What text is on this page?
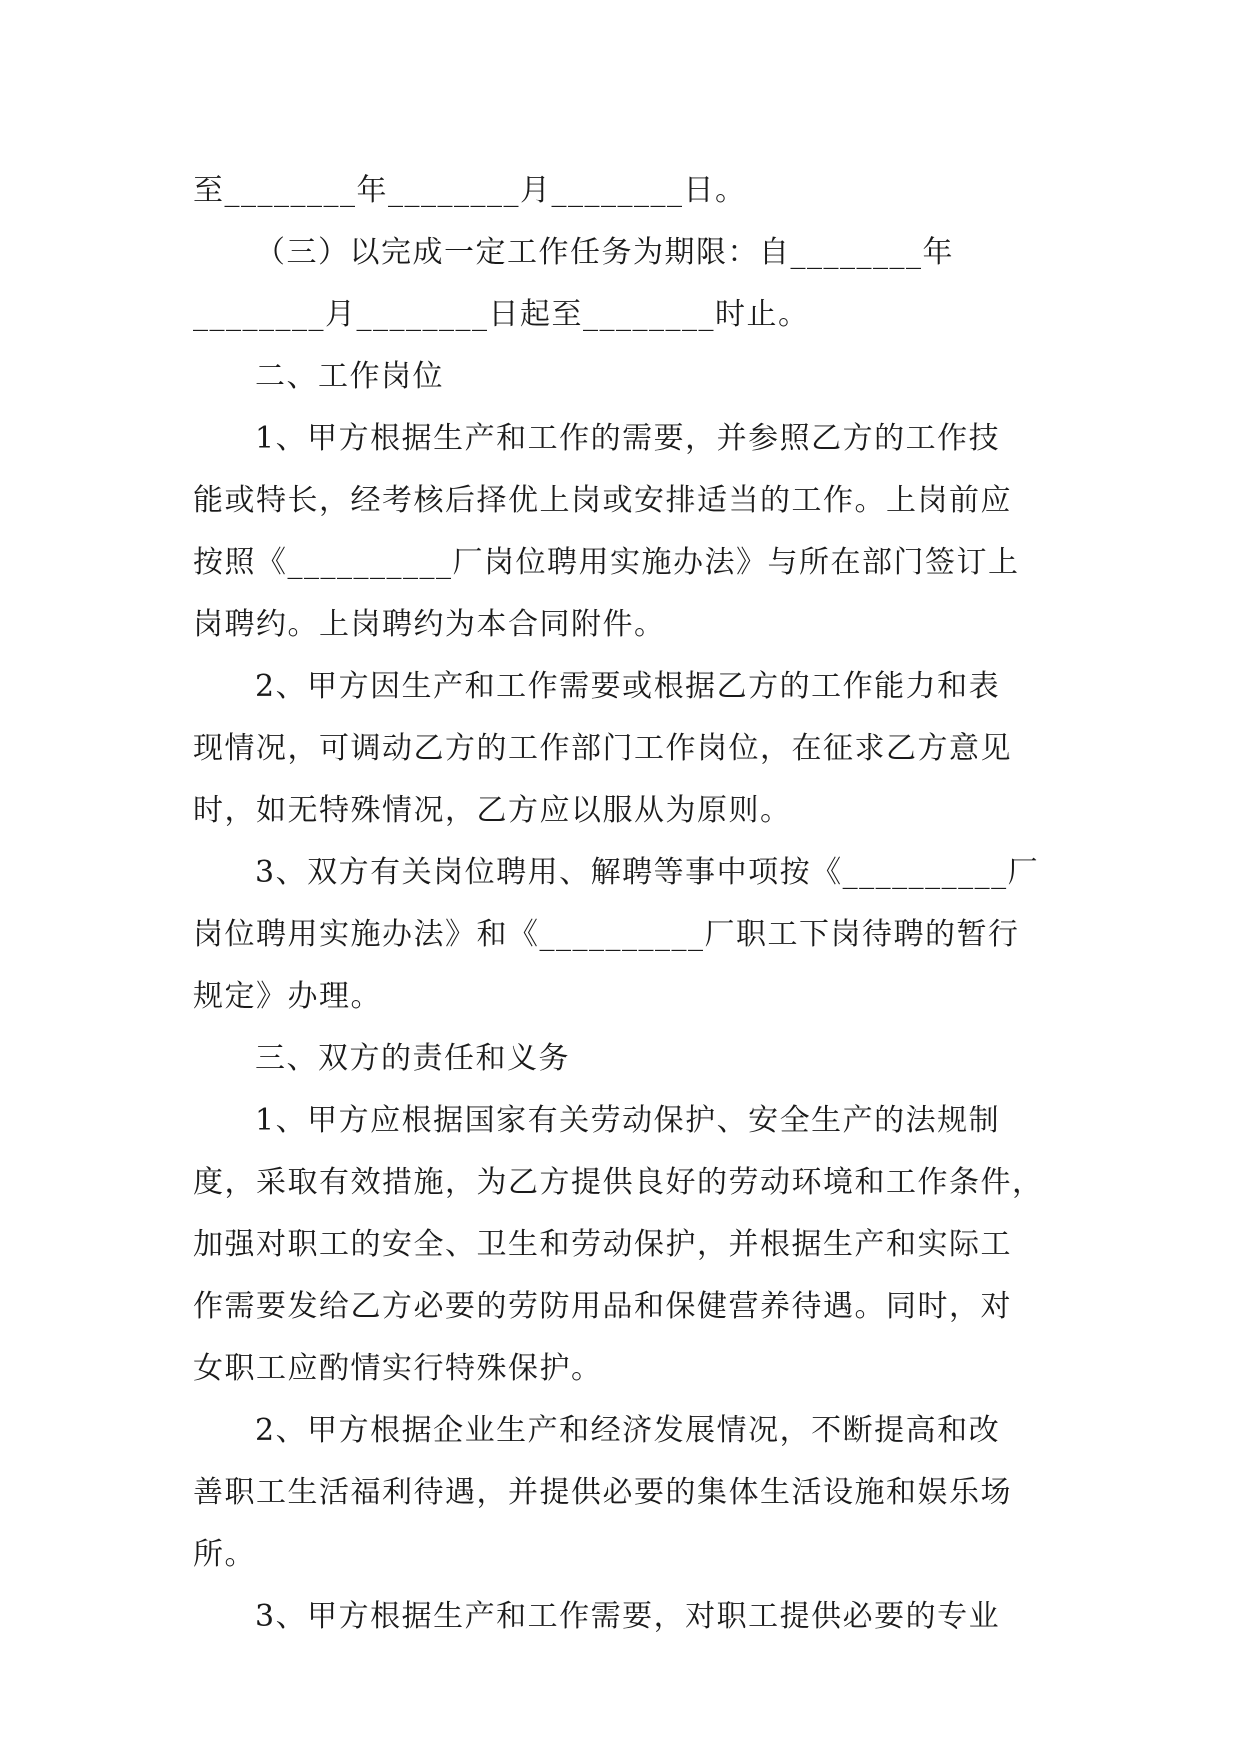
至________年________月________日。
（三）以完成一定工作任务为期限：自________年
________月________日起至________时止。
二、工作岗位
1、甲方根据生产和工作的需要，并参照乙方的工作技
能或特长，经考核后择优上岗或安排适当的工作。上岗前应
按照《__________厂岗位聘用实施办法》与所在部门签订上
岗聘约。上岗聘约为本合同附件。
2、甲方因生产和工作需要或根据乙方的工作能力和表
现情况，可调动乙方的工作部门工作岗位，在征求乙方意见
时，如无特殊情况，乙方应以服从为原则。
3、双方有关岗位聘用、解聘等事中项按《__________厂
岗位聘用实施办法》和《__________厂职工下岗待聘的暂行
规定》办理。
三、双方的责任和义务
1、甲方应根据国家有关劳动保护、安全生产的法规制
度，采取有效措施，为乙方提供良好的劳动环境和工作条件，
加强对职工的安全、卫生和劳动保护，并根据生产和实际工
作需要发给乙方必要的劳防用品和保健营养待遇。同时，对
女职工应酌情实行特殊保护。
2、甲方根据企业生产和经济发展情况，不断提高和改
善职工生活福利待遇，并提供必要的集体生活设施和娱乐场
所。
3、甲方根据生产和工作需要，对职工提供必要的专业
